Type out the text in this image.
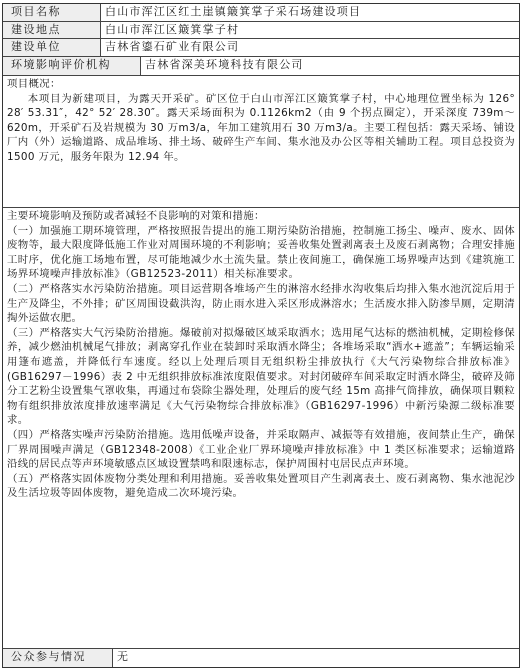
项目名称	白山市浑江区红土崖镇簸箕掌子采石场建设项目
建设地点	白山市浑江区簸箕掌子村
建设单位	吉林省鎏石矿业有限公司
环境影响评价机构	吉林省深美环境科技有限公司

项目概况：

本项目为新建项目，为露天开采矿。矿区位于白山市浑江区簸箕掌子村，中心地理位置坐标为 126° 28′ 53.31″，42° 52′ 28.30″。露天采场面积为 0.1126km2（由 9 个拐点圈定），开采深度 739m～620m，开采矿石及岩规模为 30 万m3/a，年加工建筑用石 30 万m3/a。主要工程包括：露天采场、铺设厂内（外）运输道路、成品堆场、排土场、破碎生产车间、集水池及办公区等相关辅助工程。项目总投资为 1500 万元，服务年限为 12.94 年。

主要环境影响及预防或者减轻不良影响的对策和措施：

（一）加强施工期环境管理，严格按照报告提出的施工期污染防治措施，控制施工扬尘、噪声、废水、固体废物等，最大限度降低施工作业对周围环境的不利影响；妥善收集处置剥离表土及废石剥离物；合理安排施工时序，优化施工场地布置，尽可能地减少水土流失量。禁止夜间施工，确保施工场界噪声达到《建筑施工场界环境噪声排放标准》（GB12523-2011）相关标准要求。

（二）严格落实水污染防治措施。项目运营期各堆场产生的淋溶水经排水沟收集后均排入集水池沉淀后用于生产及降尘，不外排；矿区周围设截洪沟，防止雨水进入采区形成淋溶水；生活废水排入防渗旱厕，定期清掏外运做农肥。

（三）严格落实大气污染防治措施。爆破前对拟爆破区域采取洒水；选用尾气达标的燃油机械，定期检修保养，减少燃油机械尾气排放；剥离穿孔作业在装卸时采取洒水降尘；各堆场采取“洒水+遮盖”；车辆运输采用篷布遮盖，并降低行车速度。经以上处理后项目无组织粉尘排放执行《大气污染物综合排放标准》(GB16297－1996）表 2 中无组织排放标准浓度限值要求。对封闭破碎车间采取定时洒水降尘，破碎及筛分工艺粉尘设置集气罩收集，再通过布袋除尘器处理，处理后的废气经 15m 高排气筒排放，确保项目颗粒物有组织排放浓度排放速率满足《大气污染物综合排放标准》（GB16297-1996）中新污染源二级标准要求。

（四）严格落实噪声污染防治措施。选用低噪声设备，并采取隔声、减振等有效措施，夜间禁止生产，确保厂界周围噪声满足（GB12348-2008）《工业企业厂界环境噪声排放标准》中 1 类区标准要求；运输道路沿线的居民点等声环境敏感点区域设置禁鸣和限速标志，保护周围村屯居民点声环境。

（五）严格落实固体废物分类处理和利用措施。妥善收集处置项目产生剥离表土、废石剥离物、集水池泥沙及生活垃圾等固体废物，避免造成二次环境污染。

公众参与情况	无
